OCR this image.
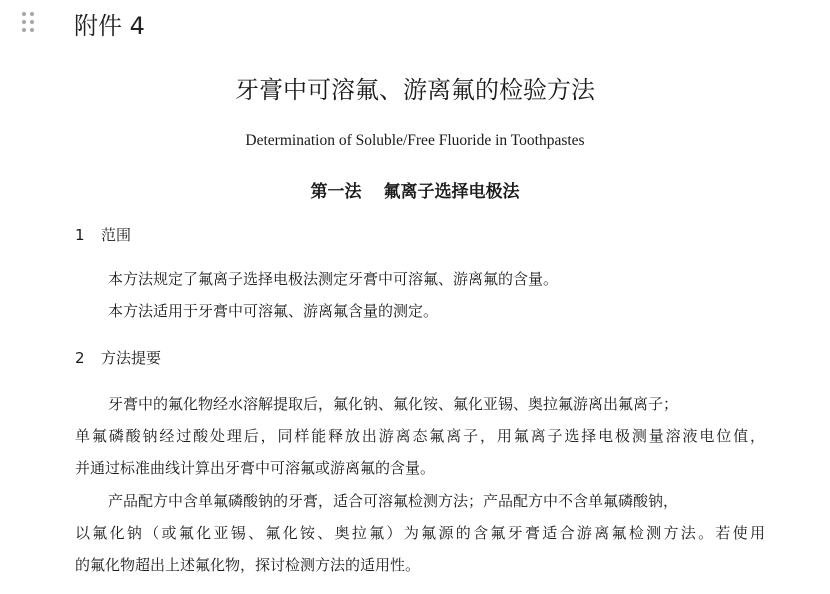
附件 4
牙膏中可溶氟、游离氟的检验方法
Determination of Soluble/Free Fluoride in Toothpastes
第一法 氟离子选择电极法
1 范围
本方法规定了氟离子选择电极法测定牙膏中可溶氟、游离氟的含量。
本方法适用于牙膏中可溶氟、游离氟含量的测定。
2 方法提要
牙膏中的氟化物经水溶解提取后，氟化钠、氟化铵、氟化亚锡、奥拉氟游离出氟离子；
单氟磷酸钠经过酸处理后，同样能释放出游离态氟离子，用氟离子选择电极测量溶液电位值，
并通过标准曲线计算出牙膏中可溶氟或游离氟的含量。
产品配方中含单氟磷酸钠的牙膏，适合可溶氟检测方法；产品配方中不含单氟磷酸钠，
以氟化钠（或氟化亚锡、氟化铵、奥拉氟）为氟源的含氟牙膏适合游离氟检测方法。若使用
的氟化物超出上述氟化物，探讨检测方法的适用性。
